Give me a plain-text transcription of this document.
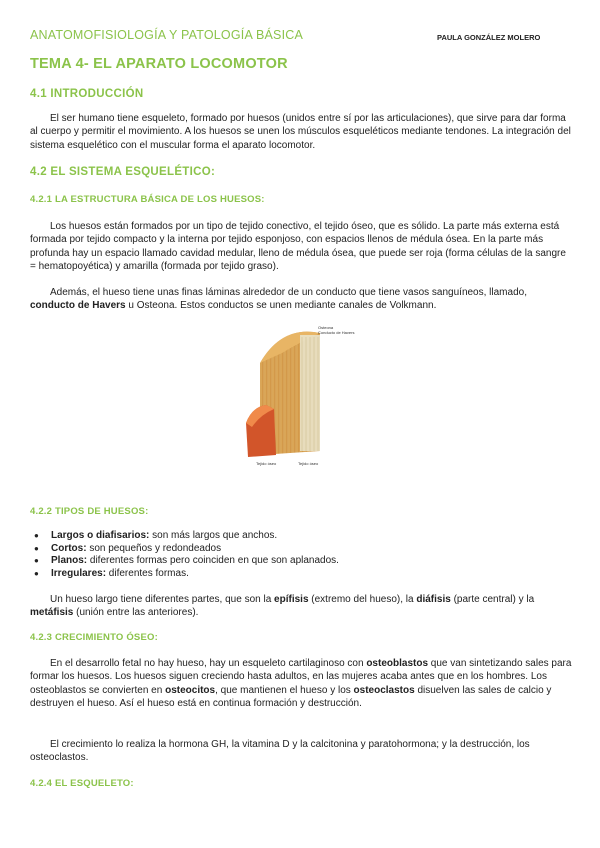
ANATOMOFISIOLOGÍA Y PATOLOGÍA BÁSICA	PAULA GONZÁLEZ MOLERO
TEMA 4- EL APARATO LOCOMOTOR
4.1 INTRODUCCIÓN

El ser humano tiene esqueleto, formado por huesos (unidos entre sí por las articulaciones), que sirve para dar forma al cuerpo y permitir el movimiento. A los huesos se unen los músculos esqueléticos mediante tendones. La integración del sistema esquelético con el muscular forma el aparato locomotor.

4.2 EL SISTEMA ESQUELÉTICO:
4.2.1 LA ESTRUCTURA BÁSICA DE LOS HUESOS:

Los huesos están formados por un tipo de tejido conectivo, el tejido óseo, que es sólido. La parte más externa está formada por tejido compacto y la interna por tejido esponjoso, con espacios llenos de médula ósea. En la parte más profunda hay un espacio llamado cavidad medular, lleno de médula ósea, que puede ser roja (forma células de la sangre = hematopoyética) y amarilla (formada por tejido graso).

Además, el hueso tiene unas finas láminas alrededor de un conducto que tiene vasos sanguíneos, llamado, conducto de Havers u Osteona. Estos conductos se unen mediante canales de Volkmann.

Osteona
Conducto de Havers
Tejido óseo	Tejido óseo
4.2.2 TIPOS DE HUESOS:
● Largos o diafisarios: son más largos que anchos.
● Cortos: son pequeños y redondeados
● Planos: diferentes formas pero coinciden en que son aplanados.
● Irregulares: diferentes formas.

Un hueso largo tiene diferentes partes, que son la epífisis (extremo del hueso), la diáfisis (parte central) y la metáfisis (unión entre las anteriores).

4.2.3 CRECIMIENTO ÓSEO:

En el desarrollo fetal no hay hueso, hay un esqueleto cartilaginoso con osteoblastos que van sintetizando sales para formar los huesos. Los huesos siguen creciendo hasta adultos, en las mujeres acaba antes que en los hombres. Los osteoblastos se convierten en osteocitos, que mantienen el hueso y los osteoclastos disuelven las sales de calcio y destruyen el hueso. Así el hueso está en continua formación y destrucción.

El crecimiento lo realiza la hormona GH, la vitamina D y la calcitonina y paratohormona; y la destrucción, los osteoclastos.

4.2.4 EL ESQUELETO:
